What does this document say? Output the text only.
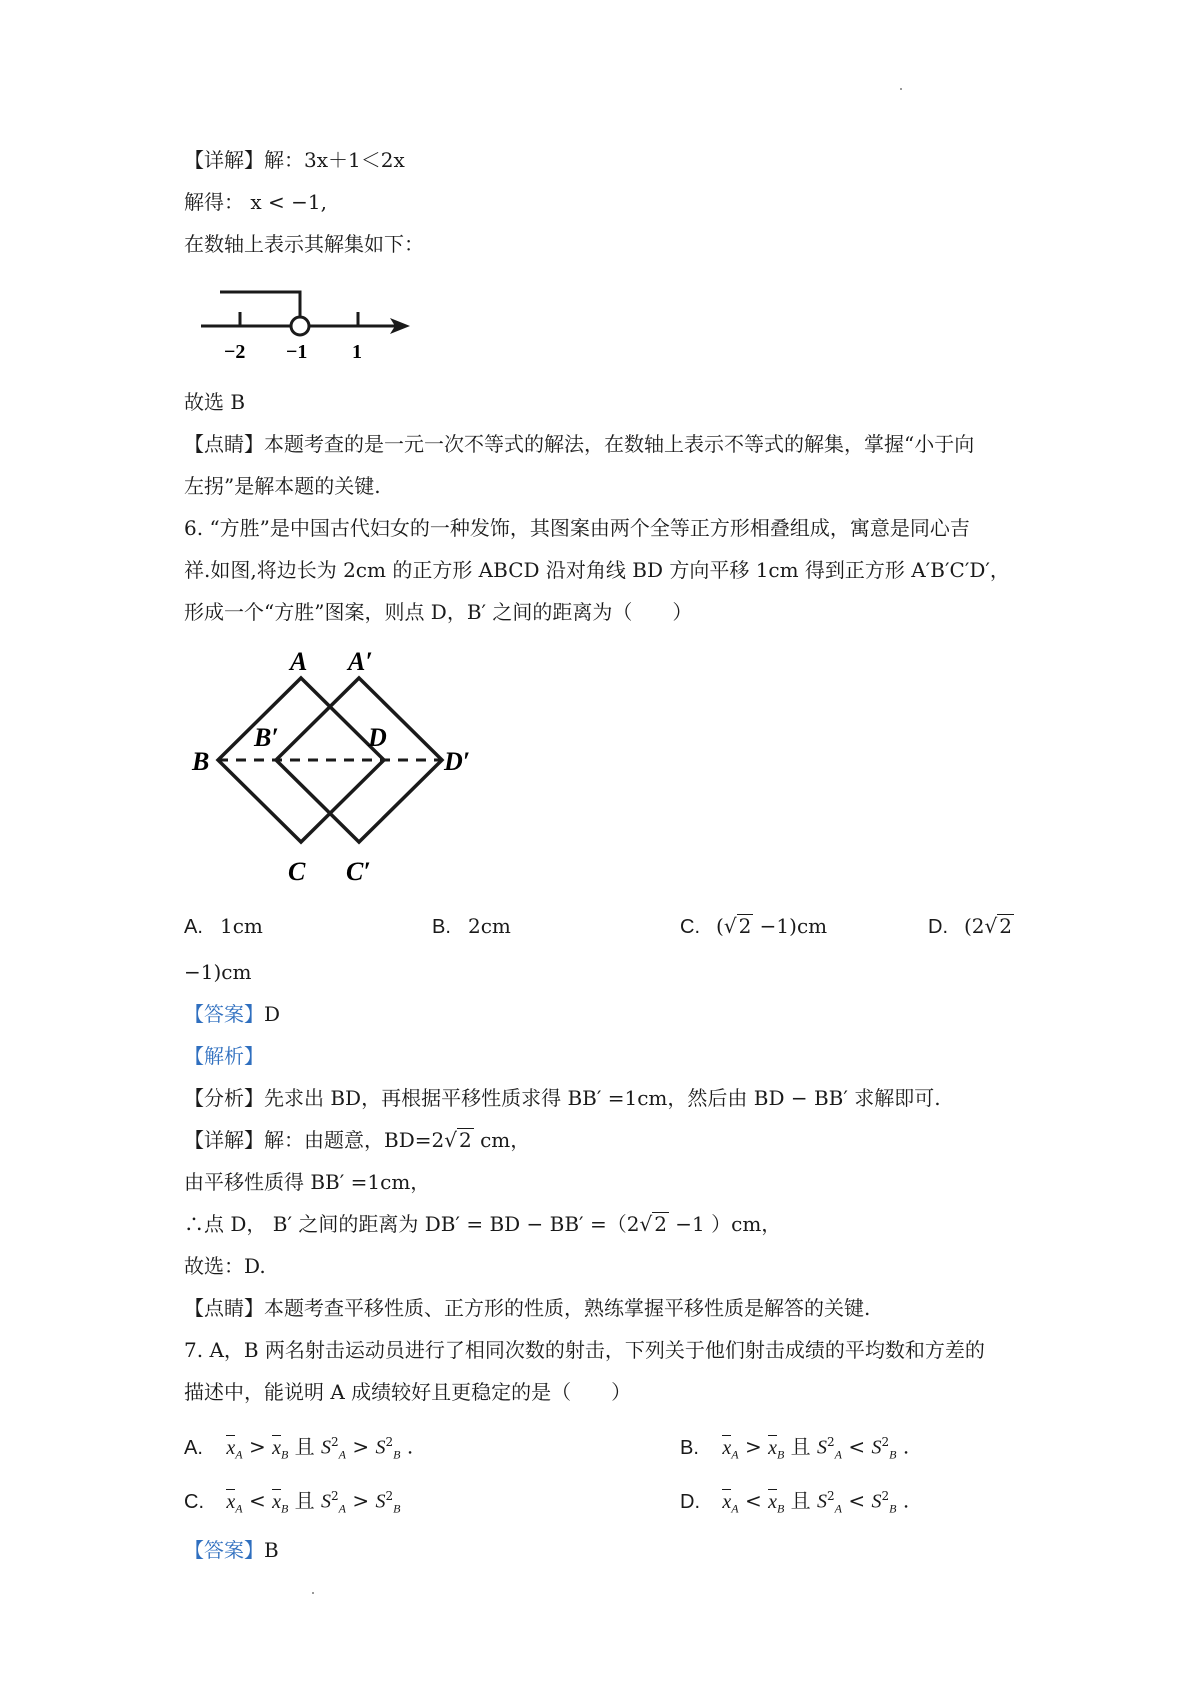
【详解】解：3x＋1＜2x
解得： x < −1,
在数轴上表示其解集如下：
−2 −1 1
故选 B
【点睛】本题考查的是一元一次不等式的解法，在数轴上表示不等式的解集，掌握“小于向
左拐”是解本题的关键.
6. “方胜”是中国古代妇女的一种发饰，其图案由两个全等正方形相叠组成，寓意是同心吉
祥.如图,将边长为 2cm 的正方形 ABCD 沿对角线 BD 方向平移 1cm 得到正方形 A′B′C′D′，
形成一个“方胜”图案，则点 D，B′ 之间的距离为（　　）
A A′
B
B′	D
D′
C C′
A. 1cm	B. 2cm	C. (√ 2 −1)cm	D. (2√ 2
−1)cm
【答案】D
【解析】
【分析】先求出 BD，再根据平移性质求得 BB′ =1cm，然后由 BD − BB′ 求解即可.
【详解】解：由题意，BD=2√ 2 cm，
由平移性质得 BB′ =1cm，
∴点 D， B′ 之间的距离为 DB′ = BD − BB′ =（2√ 2 −1 ）cm，
故选：D.
【点睛】本题考查平移性质、正方形的性质，熟练掌握平移性质是解答的关键.
7. A，B 两名射击运动员进行了相同次数的射击，下列关于他们射击成绩的平均数和方差的
描述中，能说明 A 成绩较好且更稳定的是（　　）
A. $x_A > x_B$ 且 $S^2_A > S^2_B$ .	B. $x_A > x_B$ 且 $S^2_A < S^2_B$ .
C. $x_A < x_B$ 且 $S^2_A > S^2_B$	D. $x_A < x_B$ 且 $S^2_A < S^2_B$ .
【答案】B
